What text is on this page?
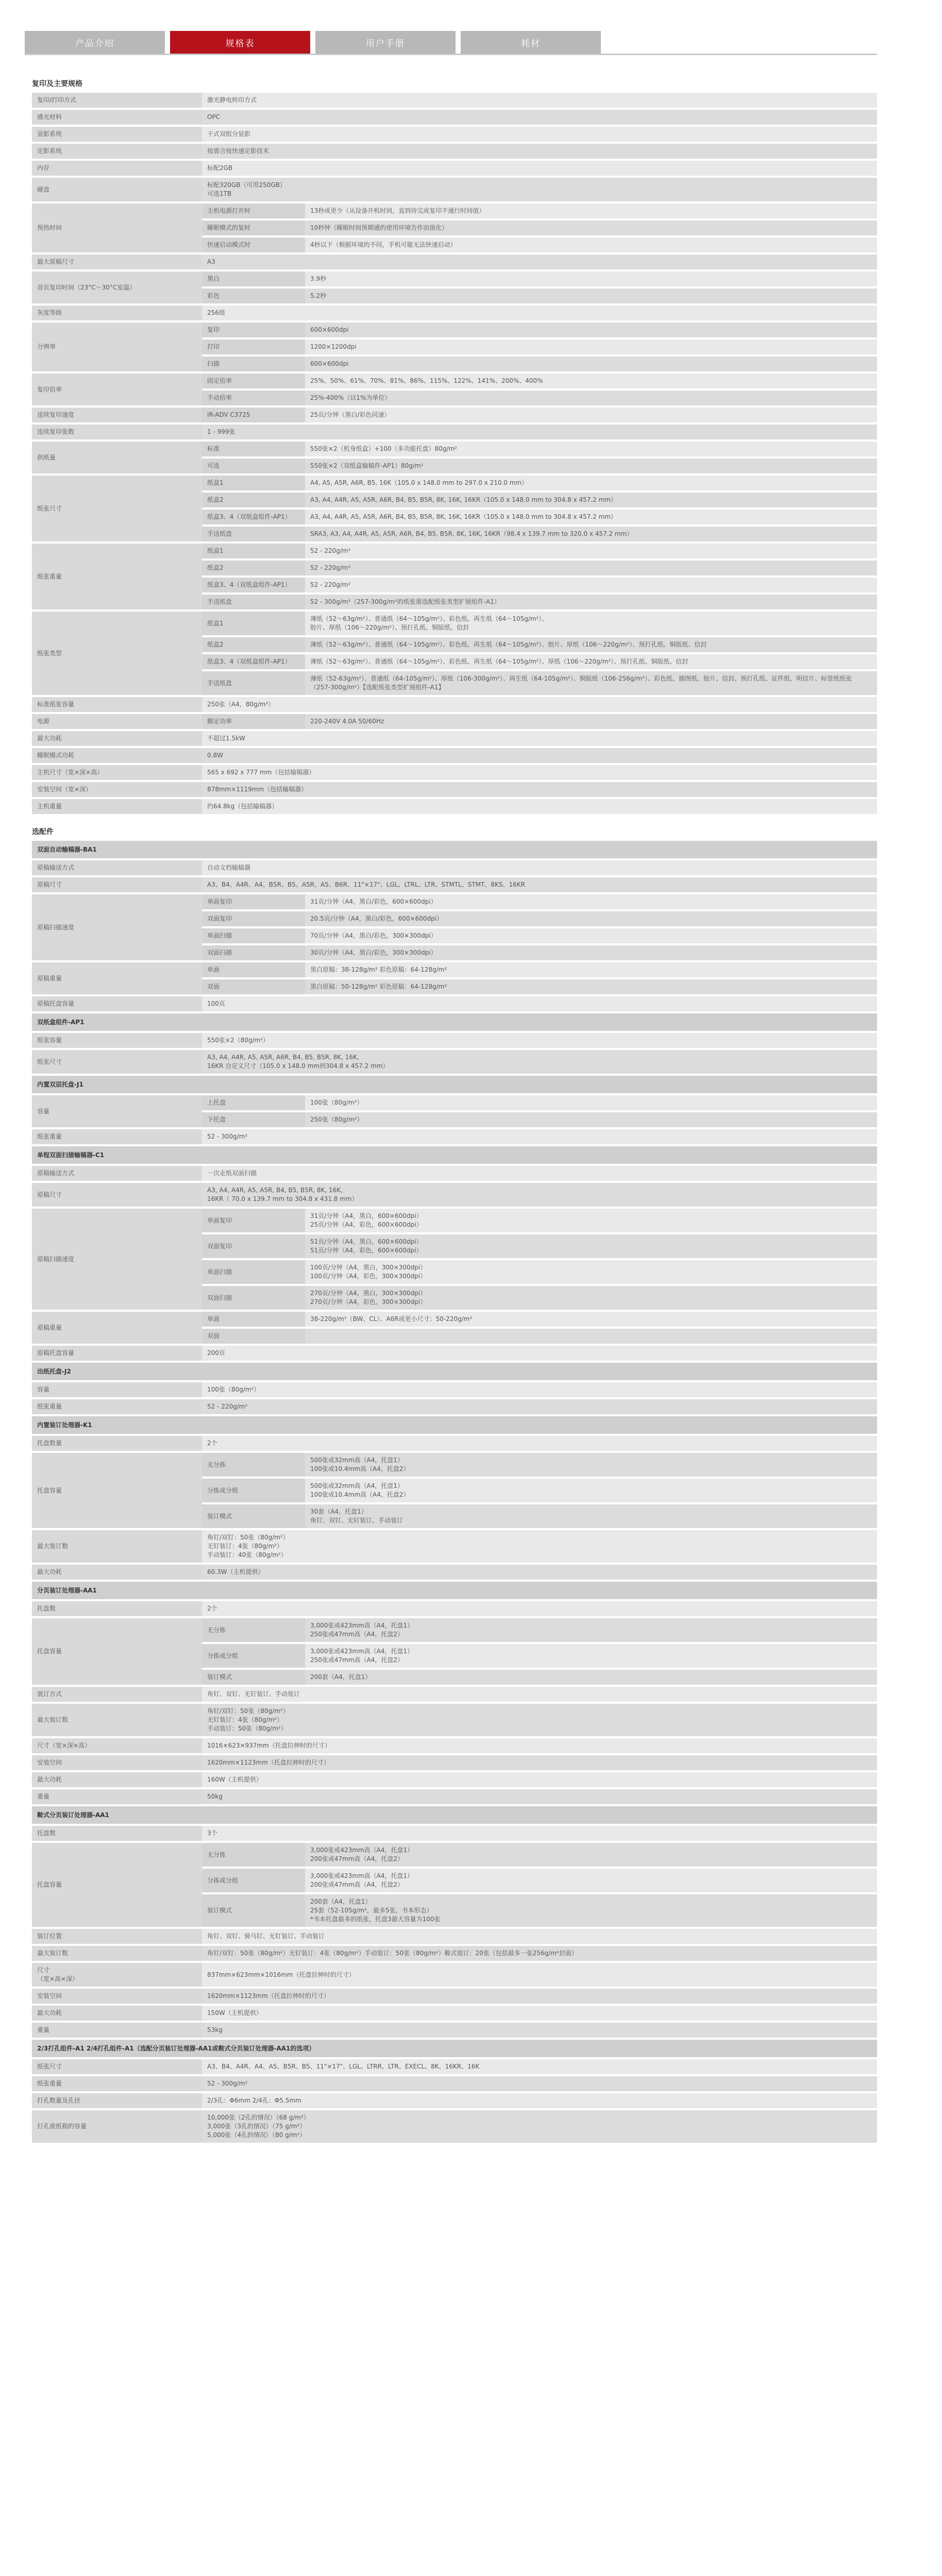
产品介绍	规格表	用户手册	耗材
复印及主要规格
复印/打印方式	激光静电转印方式	
感光材料	OPC	
显影系统	干式双组分显影	
定影系统	按需合按快速定影技术	
内存	标配2GB	
硬盘	标配320GB（可用250GB）
可选1TB	
预热时间	主机电源打开时	13秒或更少（从设备开机时间，直到待完成复印不通行时间值）
	睡眠模式的复时	10秒钟（睡眠时间预期通的使用环境告作而值化）
	快速启动模式时	4秒以下（根据环境的不同，手机可能无法快速启动）
最大原稿尺寸	A3	
首页复印时间（23°C～30°C室温）	黑白	3.9秒
	彩色	5.2秒
灰度等级	256级	
分辨率	复印	600×600dpi
	打印	1200×1200dpi
	扫描	600×600dpi
复印倍率	固定倍率	25%、50%、61%、70%、81%、86%、115%、122%、141%、200%、400%
	手动倍率	25%-400%（以1%为单位）
连续复印速度	iR-ADV C3725	25页/分钟（黑白/彩色同速）
连续复印张数	1 - 999张	
供纸量	标准	550张×2（机身纸盒）+100（多功能托盘）80g/m²
	可选	550张×2（双纸盒输稿件-AP1）80g/m²
纸张尺寸	纸盒1	A4, A5, A5R, A6R, B5, 16K（105.0 x 148.0 mm to 297.0 x 210.0 mm）
	纸盒2	A3, A4, A4R, A5, A5R, A6R, B4, B5, B5R, 8K, 16K, 16KR（105.0 x 148.0 mm to 304.8 x 457.2 mm）
	纸盒3、4（双纸盒组件-AP1）	A3, A4, A4R, A5, A5R, A6R, B4, B5, B5R, 8K, 16K, 16KR（105.0 x 148.0 mm to 304.8 x 457.2 mm）
	手送纸盘	SRA3, A3, A4, A4R, A5, A5R, A6R, B4, B5, B5R, 8K, 16K, 16KR（98.4 x 139.7 mm to 320.0 x 457.2 mm）
纸张重量	纸盒1	52 - 220g/m²
	纸盒2	52 - 220g/m²
	纸盒3、4（双纸盒组件-AP1）	52 - 220g/m²
	手送纸盘	52 - 300g/m²（257-300g/m²的纸张需选配纸张类型扩展组件-A1）
纸张类型	纸盒1	薄纸（52～63g/m²）、普通纸（64～105g/m²）、彩色纸、再生纸（64～105g/m²）、
胶片、厚纸（106～220g/m²）、预打孔纸、铜版纸、信封
	纸盒2	薄纸（52～63g/m²）、普通纸（64～105g/m²）、彩色纸、再生纸（64～105g/m²）、胶片、厚纸（106～220g/m²）、预打孔纸、铜版纸、信封
	纸盒3、4（双纸盒组件-AP1）	薄纸（52～63g/m²）、普通纸（64～105g/m²）、彩色纸、再生纸（64～105g/m²）、厚纸（106～220g/m²）、预打孔纸、铜版纸、信封
	手送纸盘	薄纸（52-63g/m²）、普通纸（64-105g/m²）、厚纸（106-300g/m²）、再生纸（64-105g/m²）、铜版纸（106-256g/m²）、彩色纸、描图纸、胶片、信封、预打孔纸、证件纸、明信片、标签纸纸张（257-300g/m²）【选配纸张类型扩展组件-A1】
标准纸张容量	250张（A4，80g/m²）	
电源	额定功率	220-240V 4.0A 50/60Hz
最大功耗	不超过1.5kW	
睡眠模式功耗	0.8W	
主机尺寸（宽×深×高）	565 x 692 x 777 mm（包括输稿器）	
安装空间（宽×深）	878mm×1119mm（包括输稿器）	
主机重量	约64.8kg（包括输稿器）	
选配件
双面自动输稿器-BA1		
原稿输送方式	自动文档输稿器	
原稿尺寸	A3、B4、A4R、A4、B5R、B5、A5R、A5、B6R、11"×17"、LGL、LTRL、LTR、STMTL、STMT、8KS、16KR	
原稿扫描速度	单面复印	31页/分钟（A4，黑白/彩色，600×600dpi）
	双面复印	20.5页/分钟（A4，黑白/彩色，600×600dpi）
	单面扫描	70页/分钟（A4，黑白/彩色，300×300dpi）
	双面扫描	30页/分钟（A4，黑白/彩色，300×300dpi）
原稿重量	单面	黑白原稿：38-128g/m² 彩色原稿：64-128g/m²
	双面	黑白原稿：50-128g/m² 彩色原稿：64-128g/m²
原稿托盘容量	100页	
双纸盒组件-AP1		
纸张容量	550张×2（80g/m²）	
纸张尺寸	A3, A4, A4R, A5, A5R, A6R, B4, B5, B5R, 8K, 16K,
16KR 自定义尺寸（105.0 x 148.0 mm到304.8 x 457.2 mm）	
内置双层托盘-J1		
容量	上托盘	100张（80g/m²）
	下托盘	250张（80g/m²）
纸张重量	52 - 300g/m²	
单程双面扫描输稿器-C1		
原稿输送方式	一次走纸双面扫描	
原稿尺寸	A3, A4, A4R, A5, A5R, B4, B5, B5R, 8K, 16K,
16KR（ 70.0 x 139.7 mm to 304.8 x 431.8 mm）	
原稿扫描速度	单面复印	31页/分钟（A4，黑白，600×600dpi）
25页/分钟（A4，彩色，600×600dpi）
	双面复印	51页/分钟（A4，黑白，600×600dpi）
51页/分钟（A4，彩色，600×600dpi）
	单面扫描	100页/分钟（A4，黑白，300×300dpi）
100页/分钟（A4，彩色，300×300dpi）
	双面扫描	270页/分钟（A4，黑白，300×300dpi）
270页/分钟（A4，彩色，300×300dpi）
原稿重量	单面	38-220g/m²（BW、CL）、A6R或更小尺寸：50-220g/m²
	双面	
原稿托盘容量	200页	
出纸托盘-J2		
容量	100张（80g/m²）	
纸张重量	52 - 220g/m²	
内置装订处理器-K1		
托盘数量	2个	
托盘容量	无分拣	500张或32mm高（A4，托盘1）
100张或10.4mm高（A4，托盘2）
	分拣或分组	500张或32mm高（A4，托盘1）
100张或10.4mm高（A4，托盘2）
	装订模式	30套（A4，托盘1）
角钉、双钉、无钉装订、手动装订
最大装订数	角钉/双钉：50张（80g/m²）
无钉装订：4张（80g/m²）
手动装订：40张（80g/m²）	
最大功耗	60.3W（主机提供）	
分页装订处理器-AA1		
托盘数	2个	
托盘容量	无分拣	3,000张或423mm高（A4，托盘1）
250张或47mm高（A4，托盘2）
	分拣或分组	3,000张或423mm高（A4，托盘1）
250张或47mm高（A4，托盘2）
	装订模式	200套（A4，托盘1）
装订方式	角钉、双钉、无钉装订、手动装订	
最大装订数	角钉/双钉：50张（80g/m²）
无钉装订：4张（80g/m²）
手动装订：50张（80g/m²）	
尺寸（宽×深×高）	1016×623×937mm（托盘拉伸时的尺寸）	
安装空间	1620mm×1123mm（托盘拉伸时的尺寸）	
最大功耗	160W（主机提供）	
重量	50kg	
鞍式分页装订处理器-AA1		
托盘数	3个	
托盘容量	无分拣	3,000张或423mm高（A4，托盘1）
200张或47mm高（A4，托盘2）
	分拣或分组	3,000张或423mm高（A4，托盘1）
200张或47mm高（A4，托盘2）
	装订模式	200套（A4，托盘1）
25套（52-105g/m²，最多5张，书本形态）
*书本托盘最多的纸张，托盘3最大容量为100张
装订位置	角钉、双钉、骑马钉、无钉装订、手动装订	
最大装订数	角钉/双钉：50张（80g/m²）无钉装订：4张（80g/m²）手动装订：50张（80g/m²）鞍式装订：20张（包括最多一张256g/m²封面）	
尺寸
（宽×高×深）	837mm×623mm×1016mm（托盘拉伸时的尺寸）	
安装空间	1620mm×1123mm（托盘拉伸时的尺寸）	
最大功耗	150W（主机提供）	
重量	53kg	
2/3打孔组件-A1 2/4打孔组件-A1（选配分页装订处理器-AA1或鞍式分页装订处理器-AA1的选项）		
纸张尺寸	A3、B4、A4R、A4、A5、B5R、B5、11"×17"、LGL、LTRR、LTR、EXECL、8K、16KR、16K	
纸张重量	52 - 300g/m²	
打孔数量及孔径	2/3孔：Φ6mm 2/4孔：Φ5.5mm	
打孔废纸箱的容量	10,000张（2孔的情况）（68 g/m²）
3,000张（3孔的情况）（75 g/m²）
5,000张（4孔的情况）（80 g/m²）	
